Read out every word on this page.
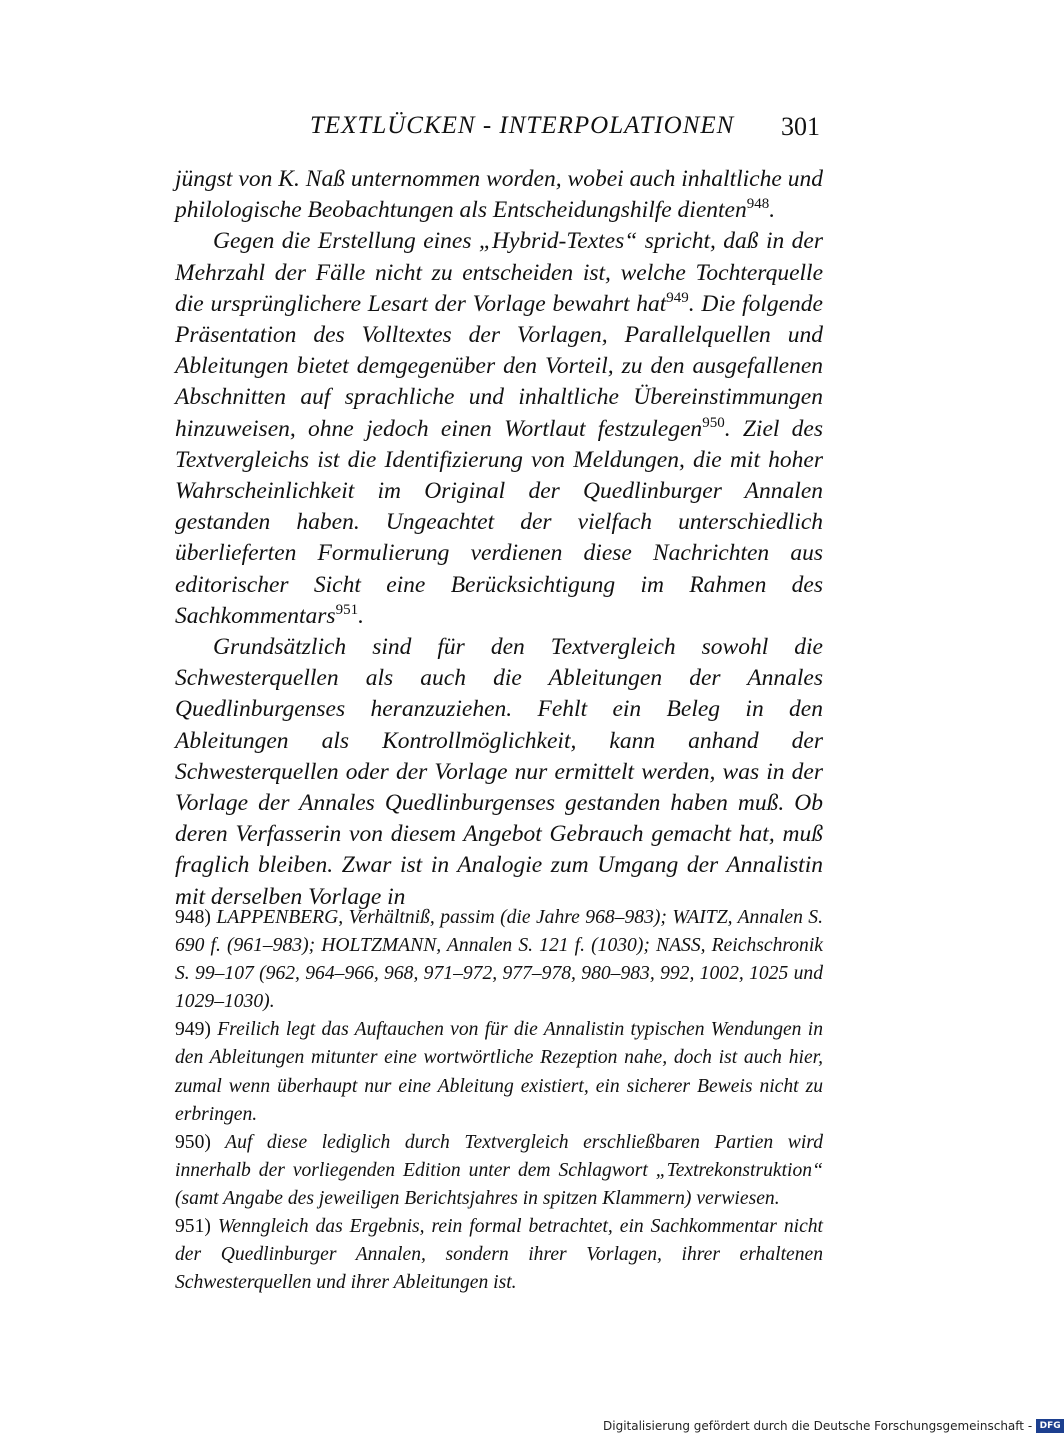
TEXTLÜCKEN - INTERPOLATIONEN 301

jüngst von K. Naß unternommen worden, wobei auch inhaltliche und philologische Beobachtungen als Entscheidungshilfe dienten$^{948}$.

Gegen die Erstellung eines „Hybrid-Textes“ spricht, daß in der Mehrzahl der Fälle nicht zu entscheiden ist, welche Tochterquelle die ursprünglichere Lesart der Vorlage bewahrt hat$^{949}$. Die folgende Präsentation des Volltextes der Vorlagen, Parallelquellen und Ableitungen bietet demgegenüber den Vorteil, zu den ausgefallenen Abschnitten auf sprachliche und inhaltliche Übereinstimmungen hinzuweisen, ohne jedoch einen Wortlaut festzulegen$^{950}$. Ziel des Textvergleichs ist die Identifizierung von Meldungen, die mit hoher Wahrscheinlichkeit im Original der Quedlinburger Annalen gestanden haben. Ungeachtet der vielfach unterschiedlich überlieferten Formulierung verdienen diese Nachrichten aus editorischer Sicht eine Berücksichtigung im Rahmen des Sachkommentars$^{951}$.

Grundsätzlich sind für den Textvergleich sowohl die Schwesterquellen als auch die Ableitungen der Annales Quedlinburgenses heranzuziehen. Fehlt ein Beleg in den Ableitungen als Kontrollmöglichkeit, kann anhand der Schwesterquellen oder der Vorlage nur ermittelt werden, was in der Vorlage der Annales Quedlinburgenses gestanden haben muß. Ob deren Verfasserin von diesem Angebot Gebrauch gemacht hat, muß fraglich bleiben. Zwar ist in Analogie zum Umgang der Annalistin mit derselben Vorlage in

948) LAPPENBERG, Verhältniß, passim (die Jahre 968–983); WAITZ, Annalen S. 690 f. (961–983); HOLTZMANN, Annalen S. 121 f. (1030); NASS, Reichschronik S. 99–107 (962, 964–966, 968, 971–972, 977–978, 980–983, 992, 1002, 1025 und 1029–1030).

949) Freilich legt das Auftauchen von für die Annalistin typischen Wendungen in den Ableitungen mitunter eine wortwörtliche Rezeption nahe, doch ist auch hier, zumal wenn überhaupt nur eine Ableitung existiert, ein sicherer Beweis nicht zu erbringen.

950) Auf diese lediglich durch Textvergleich erschließbaren Partien wird innerhalb der vorliegenden Edition unter dem Schlagwort „Textrekonstruktion“ (samt Angabe des jeweiligen Berichtsjahres in spitzen Klammern) verwiesen.

951) Wenngleich das Ergebnis, rein formal betrachtet, ein Sachkommentar nicht der Quedlinburger Annalen, sondern ihrer Vorlagen, ihrer erhaltenen Schwesterquellen und ihrer Ableitungen ist.

Digitalisierung gefördert durch die Deutsche Forschungsgemeinschaft - DFG
